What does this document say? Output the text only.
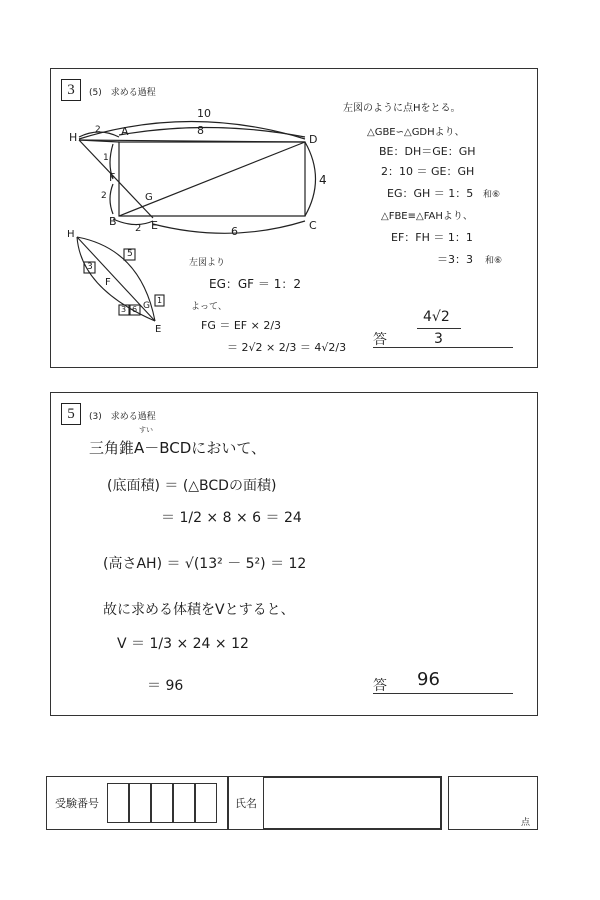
3	(5)　求める過程
H	A
D
F
B	E	C
G
10
8
2
1
2
2	6
4
H
F
E
G
3
5
3 6
1
左図より
EG：GF ＝ 1：2
よって、
FG ＝ EF × 2/3
＝ 2√2 × 2/3 ＝ 4√2/3
左図のように点Hをとる。
△GBE∽△GDHより、
BE：DH＝GE：GH
2：10 ＝ GE：GH
EG：GH ＝ 1：5
△FBE≡△FAHより、
EF：FH ＝ 1：1
＝3：3
和⑥
和⑥
答
4√2
3
5	(3)　求める過程
すい
三角錐A－BCDにおいて、
(底面積) ＝ (△BCDの面積)
＝ 1/2 × 8 × 6 ＝ 24
(高さAH) ＝ √(13² － 5²) ＝ 12
故に求める体積をVとすると、
V ＝ 1/3 × 24 × 12
＝ 96	答 96
受験番号	氏名
点
